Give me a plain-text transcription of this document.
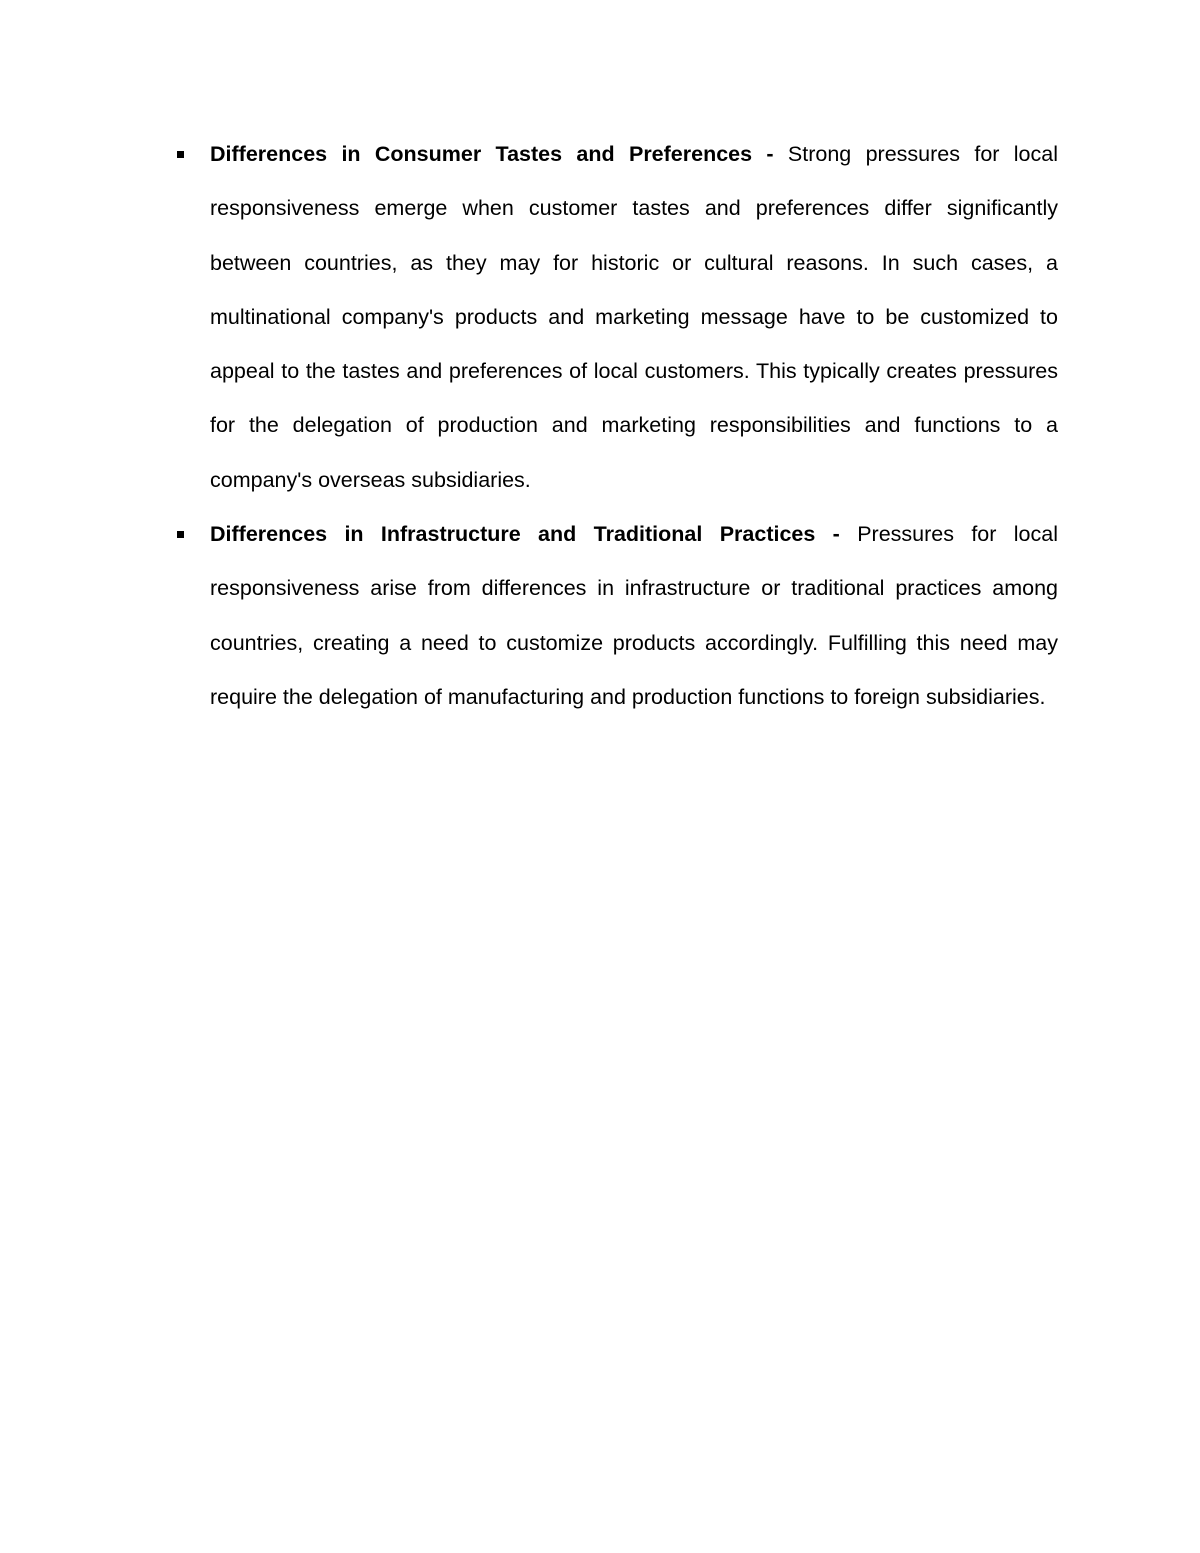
Differences in Consumer Tastes and Preferences - Strong pressures for local responsiveness emerge when customer tastes and preferences differ significantly between countries, as they may for historic or cultural reasons. In such cases, a multinational company's products and marketing message have to be customized to appeal to the tastes and preferences of local customers. This typically creates pressures for the delegation of production and marketing responsibilities and functions to a company's overseas subsidiaries.

Differences in Infrastructure and Traditional Practices - Pressures for local responsiveness arise from differences in infrastructure or traditional practices among countries, creating a need to customize products accordingly. Fulfilling this need may require the delegation of manufacturing and production functions to foreign subsidiaries.
